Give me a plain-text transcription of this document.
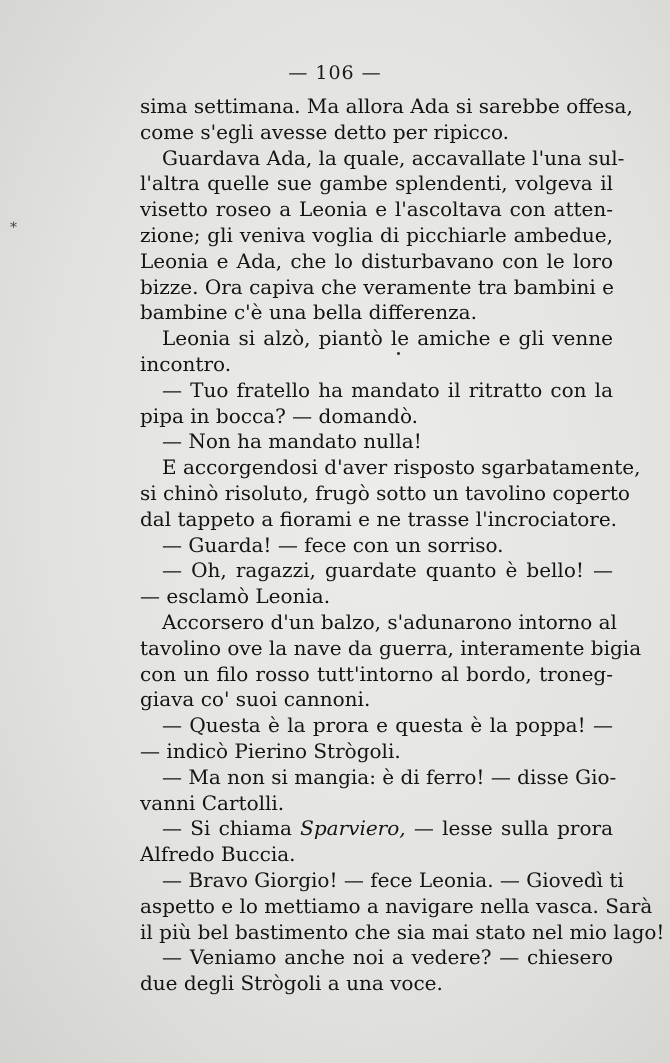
— 106 —
*
sima settimana. Ma allora Ada si sarebbe offesa,
come s'egli avesse detto per ripicco.
Guardava Ada, la quale, accavallate l'una sul-
l'altra quelle sue gambe splendenti, volgeva il
visetto roseo a Leonia e l'ascoltava con atten-
zione; gli veniva voglia di picchiarle ambedue,
Leonia e Ada, che lo disturbavano con le loro
bizze. Ora capiva che veramente tra bambini e
bambine c'è una bella differenza.
Leonia si alzò, piantò le amiche e gli venne
incontro.
— Tuo fratello ha mandato il ritratto con la
pipa in bocca? — domandò.
— Non ha mandato nulla!
E accorgendosi d'aver risposto sgarbatamente,
si chinò risoluto, frugò sotto un tavolino coperto
dal tappeto a fiorami e ne trasse l'incrociatore.
— Guarda! — fece con un sorriso.
— Oh, ragazzi, guardate quanto è bello! —
— esclamò Leonia.
Accorsero d'un balzo, s'adunarono intorno al
tavolino ove la nave da guerra, interamente bigia
con un filo rosso tutt'intorno al bordo, troneg-
giava co' suoi cannoni.
— Questa è la prora e questa è la poppa! —
— indicò Pierino Strògoli.
— Ma non si mangia: è di ferro! — disse Gio-
vanni Cartolli.
— Si chiama Sparviero, — lesse sulla prora
Alfredo Buccia.
— Bravo Giorgio! — fece Leonia. — Giovedì ti
aspetto e lo mettiamo a navigare nella vasca. Sarà
il più bel bastimento che sia mai stato nel mio lago!
— Veniamo anche noi a vedere? — chiesero
due degli Strògoli a una voce.
